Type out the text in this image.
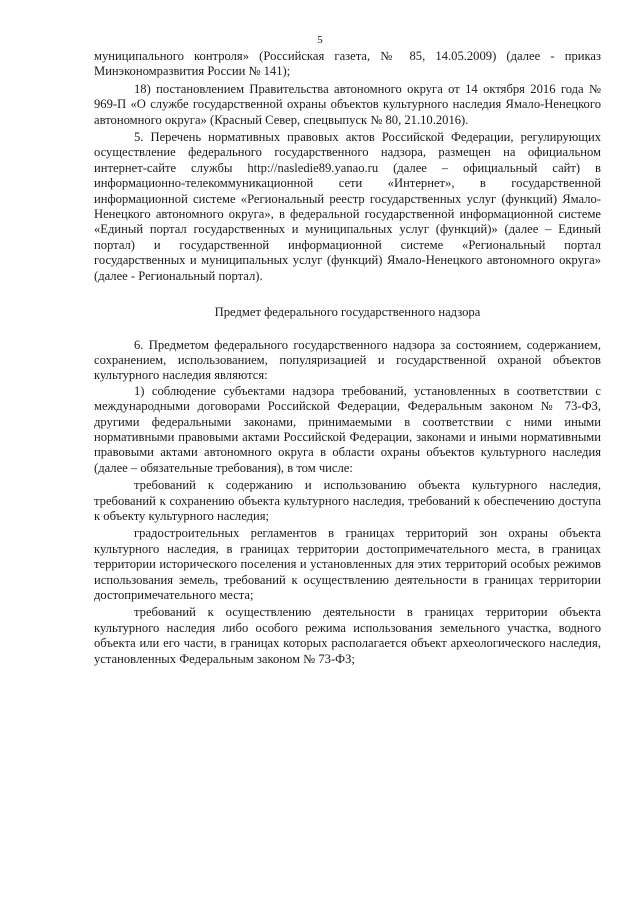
5

муниципального контроля» (Российская газета, № 85, 14.05.2009) (далее - приказ Минэкономразвития России № 141);

18) постановлением Правительства автономного округа от 14 октября 2016 года № 969-П «О службе государственной охраны объектов культурного наследия Ямало-Ненецкого автономного округа» (Красный Север, спецвыпуск № 80, 21.10.2016).

5. Перечень нормативных правовых актов Российской Федерации, регулирующих осуществление федерального государственного надзора, размещен на официальном интернет-сайте службы http://nasledie89.yanao.ru (далее – официальный сайт) в информационно-телекоммуникационной сети «Интернет», в государственной информационной системе «Региональный реестр государственных услуг (функций) Ямало-Ненецкого автономного округа», в федеральной государственной информационной системе «Единый портал государственных и муниципальных услуг (функций)» (далее – Единый портал) и государственной информационной системе «Региональный портал государственных и муниципальных услуг (функций) Ямало-Ненецкого автономного округа» (далее - Региональный портал).

Предмет федерального государственного надзора

6. Предметом федерального государственного надзора за состоянием, содержанием, сохранением, использованием, популяризацией и государственной охраной объектов культурного наследия являются:

1) соблюдение субъектами надзора требований, установленных в соответствии с международными договорами Российской Федерации, Федеральным законом № 73-ФЗ, другими федеральными законами, принимаемыми в соответствии с ними иными нормативными правовыми актами Российской Федерации, законами и иными нормативными правовыми актами автономного округа в области охраны объектов культурного наследия (далее – обязательные требования), в том числе:

требований к содержанию и использованию объекта культурного наследия, требований к сохранению объекта культурного наследия, требований к обеспечению доступа к объекту культурного наследия;

градостроительных регламентов в границах территорий зон охраны объекта культурного наследия, в границах территории достопримечательного места, в границах территории исторического поселения и установленных для этих территорий особых режимов использования земель, требований к осуществлению деятельности в границах территории достопримечательного места;

требований к осуществлению деятельности в границах территории объекта культурного наследия либо особого режима использования земельного участка, водного объекта или его части, в границах которых располагается объект археологического наследия, установленных Федеральным законом № 73-ФЗ;
